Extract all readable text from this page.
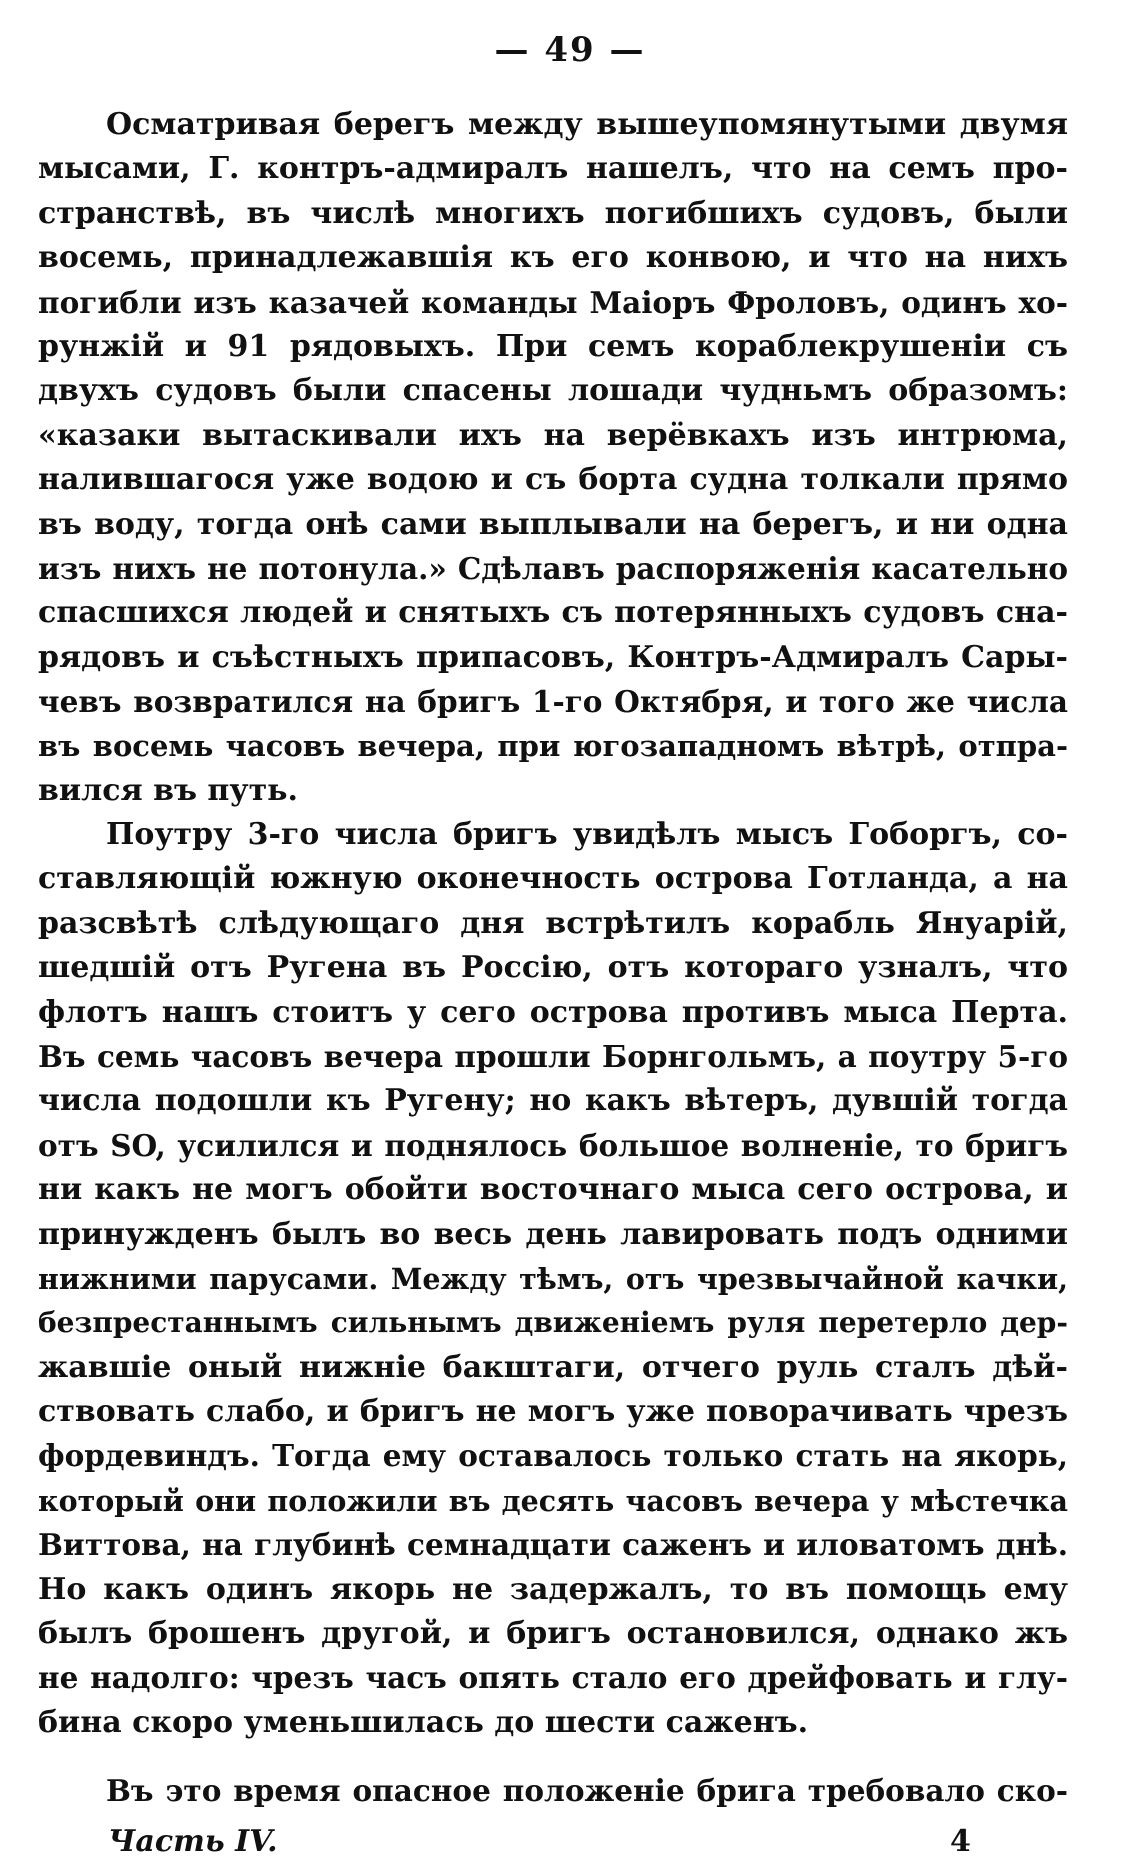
— 49 —
Осматривая берегъ между вышеупомянутыми двумя
мысами, Г. контръ-адмиралъ нашелъ, что на семъ про-
странствѣ, въ числѣ многихъ погибшихъ судовъ, были
восемь, принадлежавшія къ его конвою, и что на нихъ
погибли изъ казачей команды Маіоръ Фроловъ, одинъ хо-
рунжій и 91 рядовыхъ. При семъ кораблекрушеніи съ
двухъ судовъ были спасены лошади чудньмъ образомъ:
«казаки вытаскивали ихъ на верёвкахъ изъ интрюма,
налившагося уже водою и съ борта судна толкали прямо
въ воду, тогда онѣ сами выплывали на берегъ, и ни одна
изъ нихъ не потонула.» Сдѣлавъ распоряженія касательно
спасшихся людей и снятыхъ съ потерянныхъ судовъ сна-
рядовъ и съѣстныхъ припасовъ, Контръ-Адмиралъ Сары-
чевъ возвратился на бригъ 1-го Октября, и того же числа
въ восемь часовъ вечера, при югозападномъ вѣтрѣ, отпра-
вился въ путь.
Поутру 3-го числа бригъ увидѣлъ мысъ Гоборгъ, со-
ставляющій южную оконечность острова Готланда, а на
разсвѣтѣ слѣдующаго дня встрѣтилъ корабль Януарій,
шедшій отъ Ругена въ Россію, отъ котораго узналъ, что
флотъ нашъ стоитъ у сего острова противъ мыса Перта.
Въ семь часовъ вечера прошли Борнгольмъ, а поутру 5-го
числа подошли къ Ругену; но какъ вѣтеръ, дувшій тогда
отъ SO, усилился и поднялось большое волненіе, то бригъ
ни какъ не могъ обойти восточнаго мыса сего острова, и
принужденъ былъ во весь день лавировать подъ одними
нижними парусами. Между тѣмъ, отъ чрезвычайной качки,
безпрестаннымъ сильнымъ движеніемъ руля перетерло дер-
жавшіе оный нижніе бакштаги, отчего руль сталъ дѣй-
ствовать слабо, и бригъ не могъ уже поворачивать чрезъ
фордевиндъ. Тогда ему оставалось только стать на якорь,
который они положили въ десять часовъ вечера у мѣстечка
Виттова, на глубинѣ семнадцати саженъ и иловатомъ днѣ.
Но какъ одинъ якорь не задержалъ, то въ помощь ему
былъ брошенъ другой, и бригъ остановился, однако жъ
не надолго: чрезъ часъ опять стало его дрейфовать и глу-
бина скоро уменьшилась до шести саженъ.
Въ это время опасное положеніе брига требовало ско-
Часть IV.	4
